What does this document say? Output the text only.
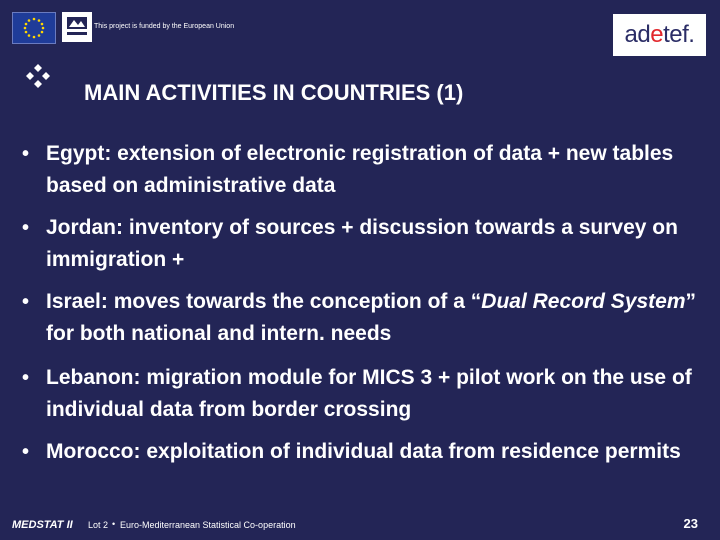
This project is funded by the European Union	ad e tef.
MAIN ACTIVITIES IN COUNTRIES (1)
• Egypt: extension of electronic registration of data + new tables based on administrative data
• Jordan: inventory of sources + discussion towards a survey on immigration +
• Israel: moves towards the conception of a “Dual Record System” for both national and intern. needs
• Lebanon: migration module for MICS 3 + pilot work on the use of individual data from border crossing
• Morocco: exploitation of individual data from residence permits
MEDSTAT II Lot 2 • Euro-Mediterranean Statistical Co-operation	23
